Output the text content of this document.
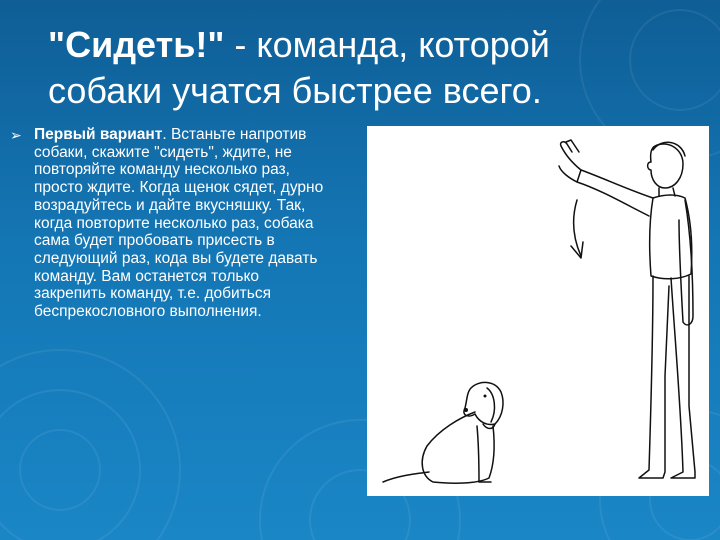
"Сидеть!" - команда, которой собаки учатся быстрее всего.
➢ Первый вариант. Встаньте напротив собаки, скажите "сидеть", ждите, не повторяйте команду несколько раз, просто ждите. Когда щенок сядет, дурно возрадуйтесь и дайте вкусняшку. Так, когда повторите несколько раз, собака сама будет пробовать присесть в следующий раз, кода вы будете давать команду. Вам останется только закрепить команду, т.е. добиться беспрекословного выполнения.
